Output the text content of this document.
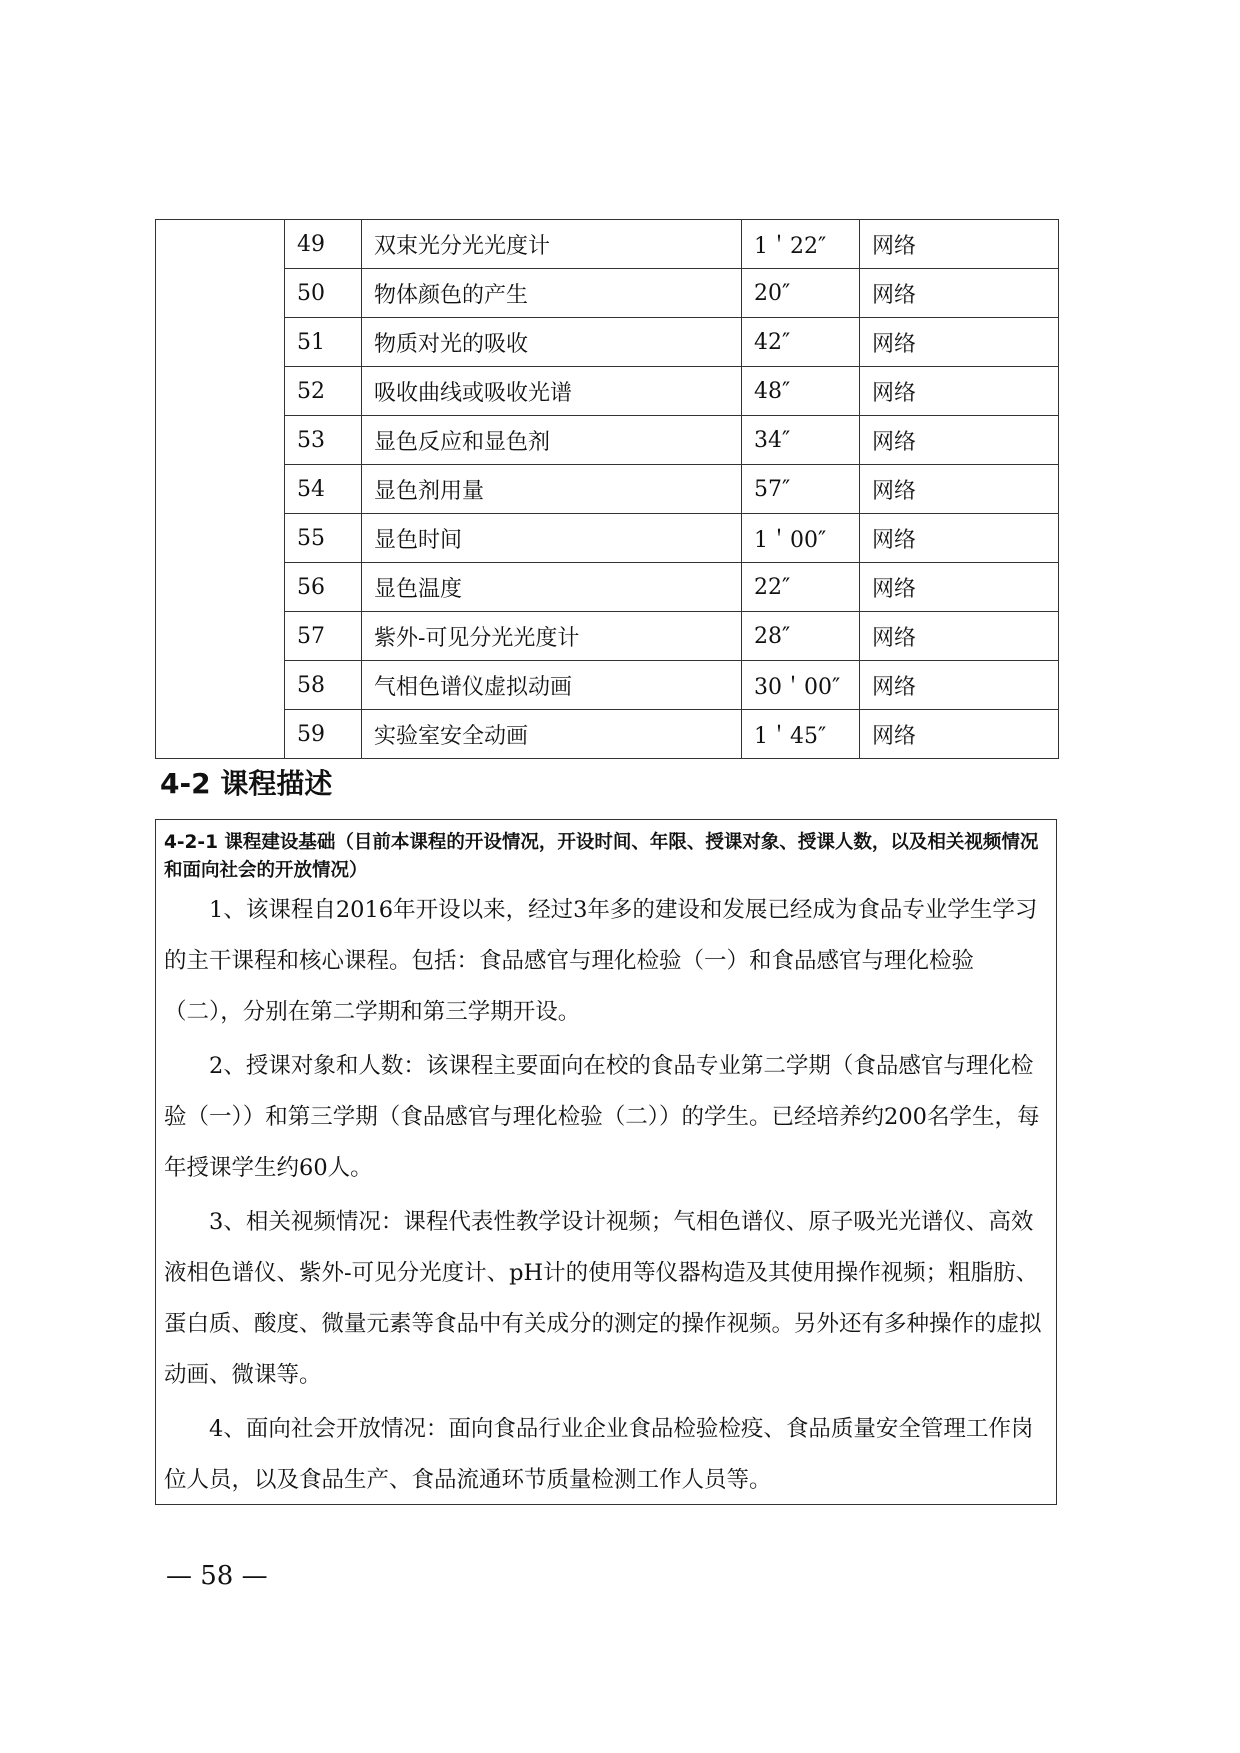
	49	双束光分光光度计	1＇22″	网络
	50	物体颜色的产生	20″	网络
	51	物质对光的吸收	42″	网络
	52	吸收曲线或吸收光谱	48″	网络
	53	显色反应和显色剂	34″	网络
	54	显色剂用量	57″	网络
	55	显色时间	1＇00″	网络
	56	显色温度	22″	网络
	57	紫外-可见分光光度计	28″	网络
	58	气相色谱仪虚拟动画	30＇00″	网络
	59	实验室安全动画	1＇45″	网络
4-2 课程描述
4-2-1 课程建设基础（目前本课程的开设情况，开设时间、年限、授课对象、授课人数，以及相关视频情况和面向社会的开放情况）

1、该课程自2016年开设以来，经过3年多的建设和发展已经成为食品专业学生学习的主干课程和核心课程。包括：食品感官与理化检验（一）和食品感官与理化检验（二），分别在第二学期和第三学期开设。

2、授课对象和人数：该课程主要面向在校的食品专业第二学期（食品感官与理化检验（一））和第三学期（食品感官与理化检验（二））的学生。已经培养约200名学生，每年授课学生约60人。

3、相关视频情况：课程代表性教学设计视频；气相色谱仪、原子吸光光谱仪、高效液相色谱仪、紫外-可见分光度计、pH计的使用等仪器构造及其使用操作视频；粗脂肪、蛋白质、酸度、微量元素等食品中有关成分的测定的操作视频。另外还有多种操作的虚拟动画、微课等。

4、面向社会开放情况：面向食品行业企业食品检验检疫、食品质量安全管理工作岗位人员，以及食品生产、食品流通环节质量检测工作人员等。

— 58 —
